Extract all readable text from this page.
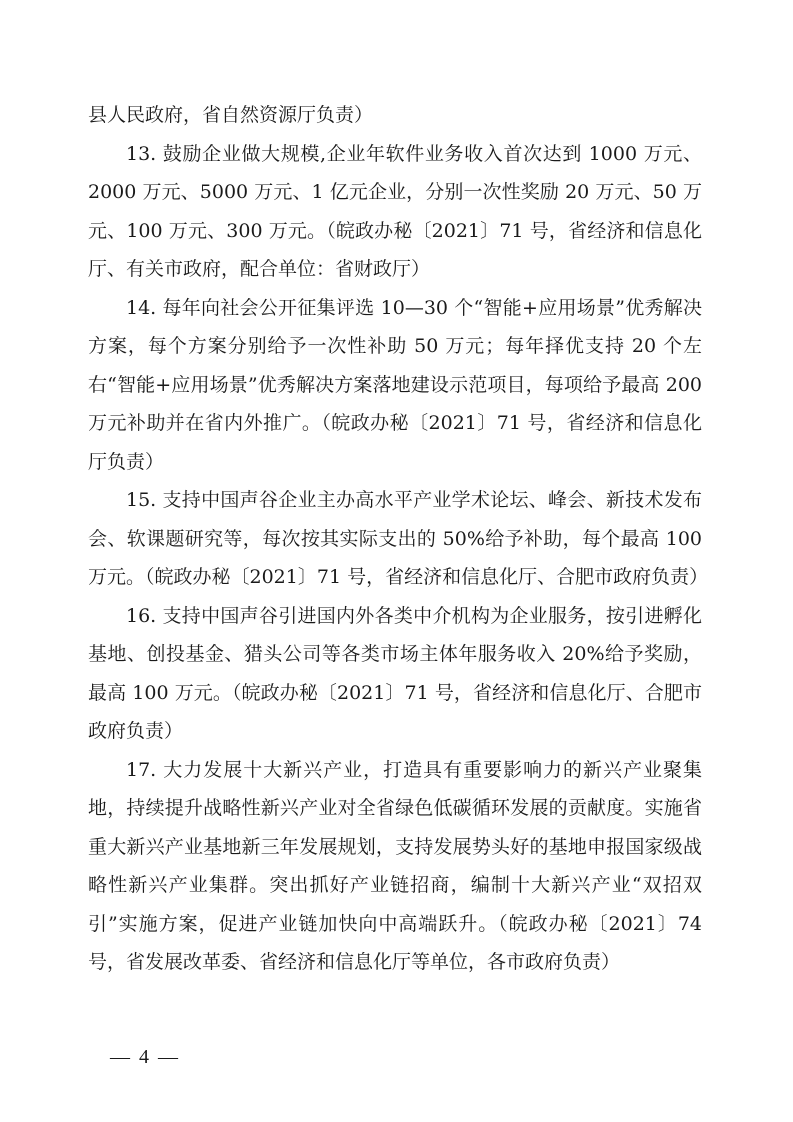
县人民政府，省自然资源厅负责）

13. 鼓励企业做大规模,企业年软件业务收入首次达到 1000 万元、2000 万元、5000 万元、1 亿元企业，分别一次性奖励 20 万元、50 万元、100 万元、300 万元。（皖政办秘〔2021〕71 号，省经济和信息化厅、有关市政府，配合单位：省财政厅）

14. 每年向社会公开征集评选 10—30 个“智能+应用场景”优秀解决方案，每个方案分别给予一次性补助 50 万元；每年择优支持 20 个左右“智能+应用场景”优秀解决方案落地建设示范项目，每项给予最高 200 万元补助并在省内外推广。（皖政办秘〔2021〕71 号，省经济和信息化厅负责）

15. 支持中国声谷企业主办高水平产业学术论坛、峰会、新技术发布会、软课题研究等，每次按其实际支出的 50%给予补助，每个最高 100 万元。（皖政办秘〔2021〕71 号，省经济和信息化厅、合肥市政府负责）

16. 支持中国声谷引进国内外各类中介机构为企业服务，按引进孵化基地、创投基金、猎头公司等各类市场主体年服务收入 20%给予奖励，最高 100 万元。（皖政办秘〔2021〕71 号，省经济和信息化厅、合肥市政府负责）

17. 大力发展十大新兴产业，打造具有重要影响力的新兴产业聚集地，持续提升战略性新兴产业对全省绿色低碳循环发展的贡献度。实施省重大新兴产业基地新三年发展规划，支持发展势头好的基地申报国家级战略性新兴产业集群。突出抓好产业链招商，编制十大新兴产业“双招双引”实施方案，促进产业链加快向中高端跃升。（皖政办秘〔2021〕74 号，省发展改革委、省经济和信息化厅等单位，各市政府负责）

— 4 —
